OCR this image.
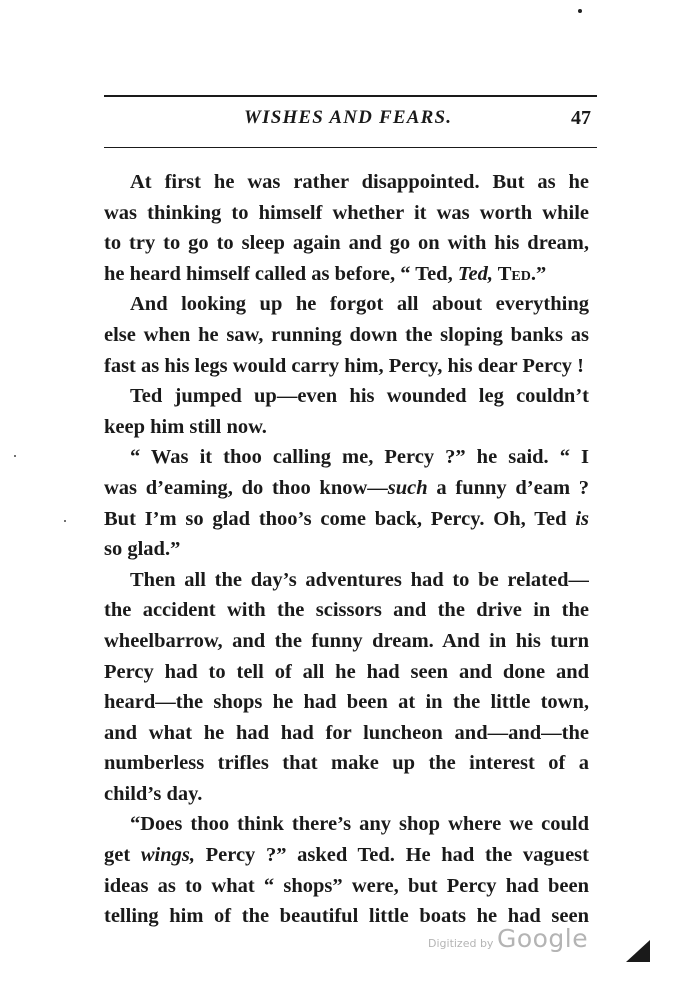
WISHES AND FEARS.	47
At first he was rather disappointed. But as he
was thinking to himself whether it was worth while
to try to go to sleep again and go on with his dream,
he heard himself called as before, “ Ted, Ted, Ted.”
And looking up he forgot all about everything
else when he saw, running down the sloping banks as
fast as his legs would carry him, Percy, his dear Percy !
Ted jumped up—even his wounded leg couldn’t
keep him still now.
“ Was it thoo calling me, Percy ?” he said. “ I
was d’eaming, do thoo know—such a funny d’eam ?
But I’m so glad thoo’s come back, Percy. Oh, Ted is
so glad.”
Then all the day’s adventures had to be related—
the accident with the scissors and the drive in the
wheelbarrow, and the funny dream. And in his turn
Percy had to tell of all he had seen and done and
heard—the shops he had been at in the little town,
and what he had had for luncheon and—and—the
numberless trifles that make up the interest of a
child’s day.
“Does thoo think there’s any shop where we could
get wings, Percy ?” asked Ted. He had the vaguest
ideas as to what “ shops” were, but Percy had been
telling him of the beautiful little boats he had seen
Digitized by Google
